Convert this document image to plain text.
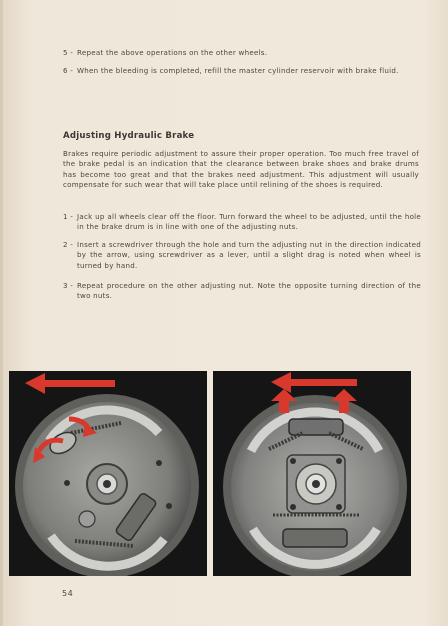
5 - Repeat the above operations on the other wheels.
6 - When the bleeding is completed, refill the master cylinder reservoir with brake fluid.
Adjusting Hydraulic Brake
Brakes require periodic adjustment to assure their proper operation. Too much free travel of the brake pedal is an indication that the clearance between brake shoes and brake drums has become too great and that the brakes need adjustment. This adjustment will usually compensate for such wear that will take place until relining of the shoes is required.
1 - Jack up all wheels clear off the floor. Turn forward the wheel to be adjusted, until the hole in the brake drum is in line with one of the adjusting nuts.
2 - Insert a screwdriver through the hole and turn the adjusting nut in the direction indicated by the arrow, using screwdriver as a lever, until a slight drag is noted when wheel is turned by hand.
3 - Repeat procedure on the other adjusting nut. Note the opposite turning direction of the two nuts.
54
